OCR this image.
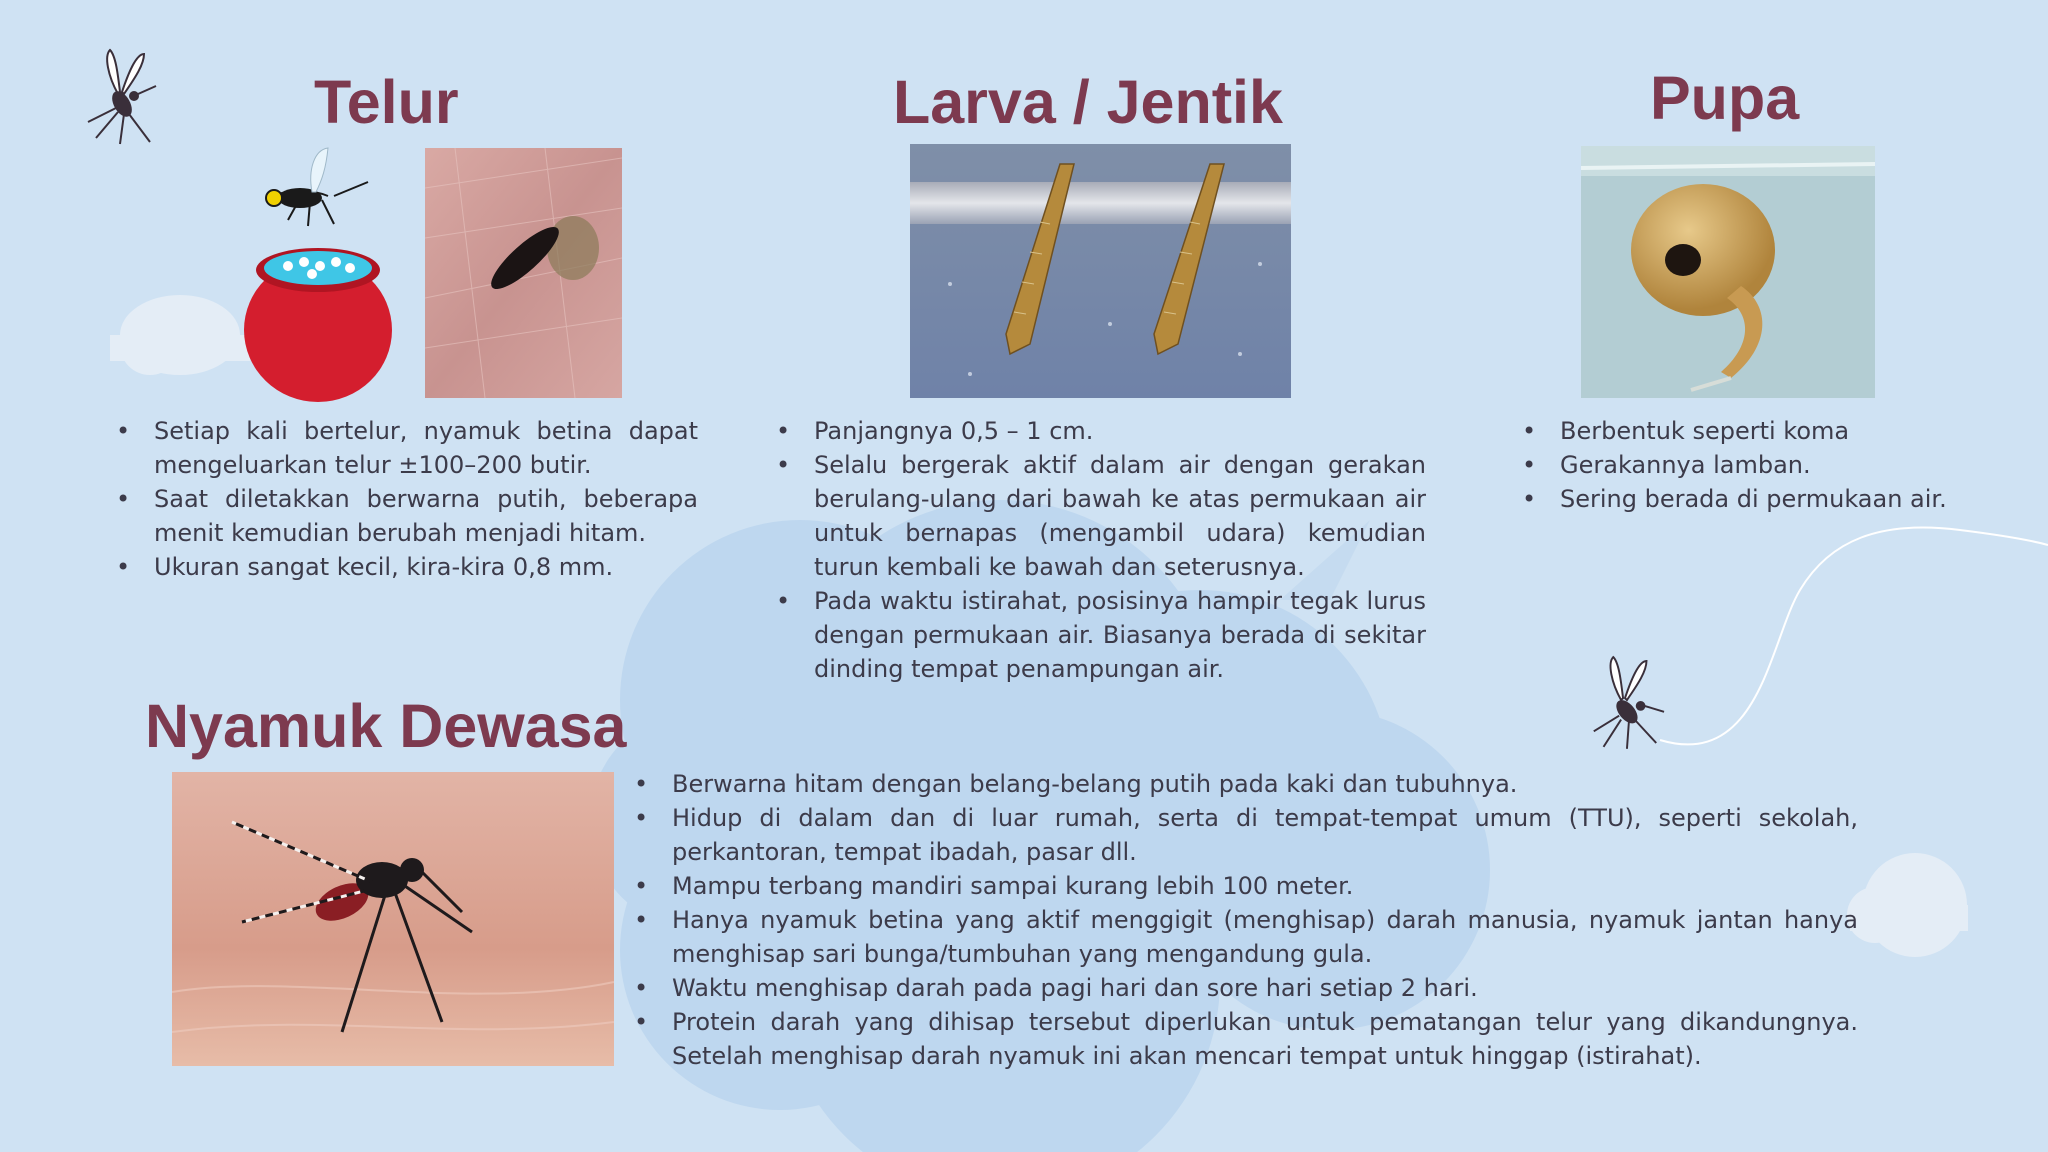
Telur
• Setiap kali bertelur, nyamuk betina dapat mengeluarkan telur ±100–200 butir.
• Saat diletakkan berwarna putih, beberapa menit kemudian berubah menjadi hitam.
• Ukuran sangat kecil, kira-kira 0,8 mm.
Larva / Jentik
• Panjangnya 0,5 – 1 cm.
• Selalu bergerak aktif dalam air dengan gerakan berulang-ulang dari bawah ke atas permukaan air untuk bernapas (mengambil udara) kemudian turun kembali ke bawah dan seterusnya.
• Pada waktu istirahat, posisinya hampir tegak lurus dengan permukaan air. Biasanya berada di sekitar dinding tempat penampungan air.
Pupa
• Berbentuk seperti koma
• Gerakannya lamban.
• Sering berada di permukaan air.
Nyamuk Dewasa
• Berwarna hitam dengan belang-belang putih pada kaki dan tubuhnya.
• Hidup di dalam dan di luar rumah, serta di tempat-tempat umum (TTU), seperti sekolah, perkantoran, tempat ibadah, pasar dll.
• Mampu terbang mandiri sampai kurang lebih 100 meter.
• Hanya nyamuk betina yang aktif menggigit (menghisap) darah manusia, nyamuk jantan hanya menghisap sari bunga/tumbuhan yang mengandung gula.
• Waktu menghisap darah pada pagi hari dan sore hari setiap 2 hari.
• Protein darah yang dihisap tersebut diperlukan untuk pematangan telur yang dikandungnya. Setelah menghisap darah nyamuk ini akan mencari tempat untuk hinggap (istirahat).
